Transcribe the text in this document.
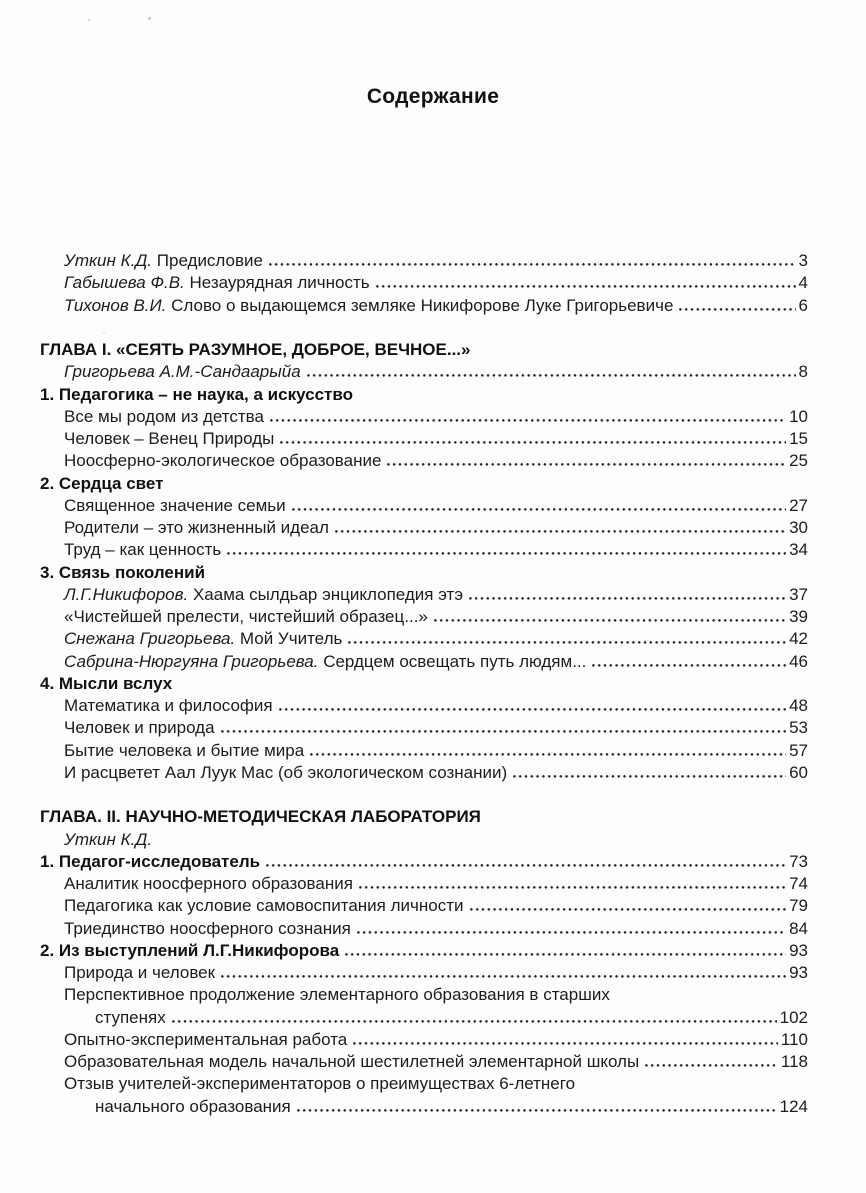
Содержание
Уткин К.Д. Предисловие	3
Габышева Ф.В. Незаурядная личность	4
Тихонов В.И. Слово о выдающемся земляке Никифорове Луке Григорьевиче	6
ГЛАВА I. «СЕЯТЬ РАЗУМНОЕ, ДОБРОЕ, ВЕЧНОЕ...»
Григорьева А.М.-Сандаарыйа	8
1. Педагогика – не наука, а искусство
Все мы родом из детства	10
Человек – Венец Природы	15
Ноосферно-экологическое образование	25
2. Сердца свет
Священное значение семьи	27
Родители – это жизненный идеал	30
Труд – как ценность	34
3. Связь поколений
Л.Г.Никифоров. Хаама сылдьар энциклопедия этэ	37
«Чистейшей прелести, чистейший образец...»	39
Снежана Григорьева. Мой Учитель	42
Сабрина-Нюргуяна Григорьева. Сердцем освещать путь людям...	46
4. Мысли вслух
Математика и философия	48
Человек и природа	53
Бытие человека и бытие мира	57
И расцветет Аал Луук Мас (об экологическом сознании)	60
ГЛАВА. II. НАУЧНО-МЕТОДИЧЕСКАЯ ЛАБОРАТОРИЯ
Уткин К.Д.
1. Педагог-исследователь	73
Аналитик ноосферного образования	74
Педагогика как условие самовоспитания личности	79
Триединство ноосферного сознания	84
2. Из выступлений Л.Г.Никифорова	93
Природа и человек	93
Перспективное продолжение элементарного образования в старших
ступенях	102
Опытно-экспериментальная работа	110
Образовательная модель начальной шестилетней элементарной школы	118
Отзыв учителей-экспериментаторов о преимуществах 6-летнего
начального образования	124
